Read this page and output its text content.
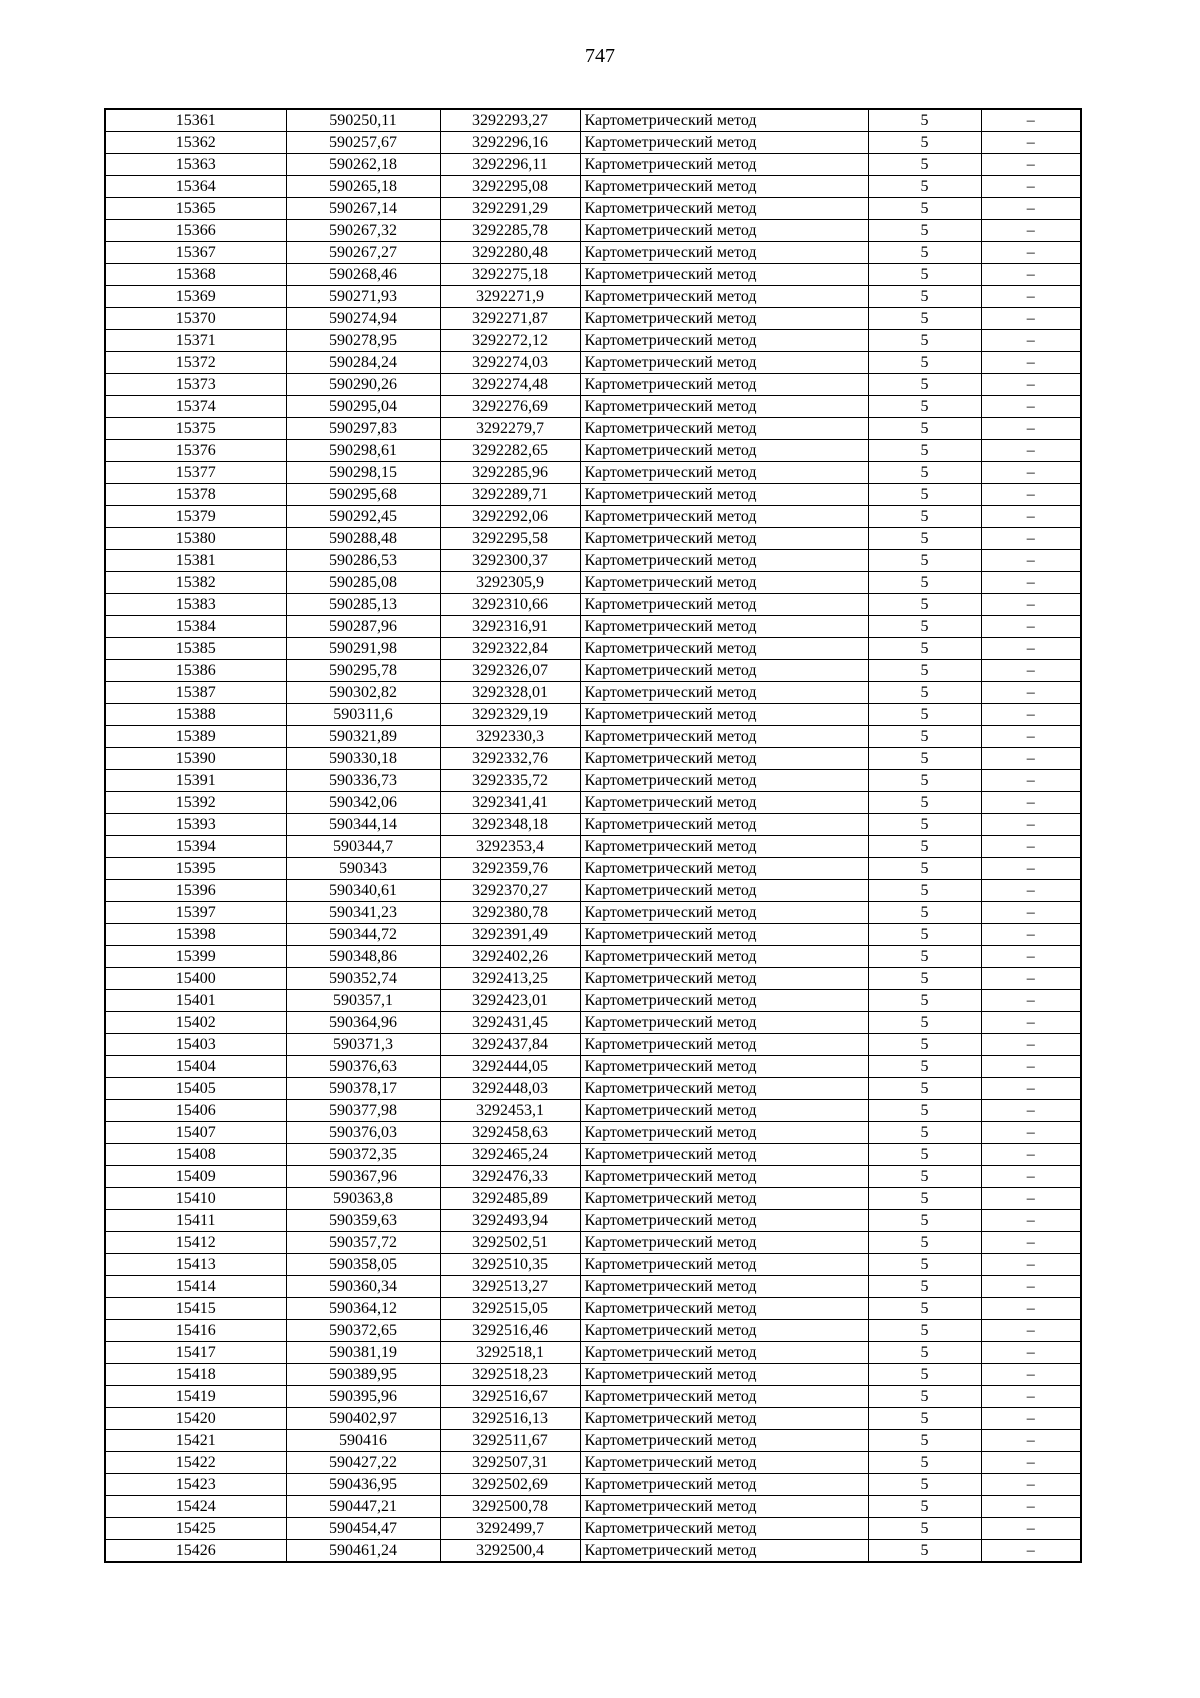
747
15361	590250,11	3292293,27	Картометрический метод	5	–
15362	590257,67	3292296,16	Картометрический метод	5	–
15363	590262,18	3292296,11	Картометрический метод	5	–
15364	590265,18	3292295,08	Картометрический метод	5	–
15365	590267,14	3292291,29	Картометрический метод	5	–
15366	590267,32	3292285,78	Картометрический метод	5	–
15367	590267,27	3292280,48	Картометрический метод	5	–
15368	590268,46	3292275,18	Картометрический метод	5	–
15369	590271,93	3292271,9	Картометрический метод	5	–
15370	590274,94	3292271,87	Картометрический метод	5	–
15371	590278,95	3292272,12	Картометрический метод	5	–
15372	590284,24	3292274,03	Картометрический метод	5	–
15373	590290,26	3292274,48	Картометрический метод	5	–
15374	590295,04	3292276,69	Картометрический метод	5	–
15375	590297,83	3292279,7	Картометрический метод	5	–
15376	590298,61	3292282,65	Картометрический метод	5	–
15377	590298,15	3292285,96	Картометрический метод	5	–
15378	590295,68	3292289,71	Картометрический метод	5	–
15379	590292,45	3292292,06	Картометрический метод	5	–
15380	590288,48	3292295,58	Картометрический метод	5	–
15381	590286,53	3292300,37	Картометрический метод	5	–
15382	590285,08	3292305,9	Картометрический метод	5	–
15383	590285,13	3292310,66	Картометрический метод	5	–
15384	590287,96	3292316,91	Картометрический метод	5	–
15385	590291,98	3292322,84	Картометрический метод	5	–
15386	590295,78	3292326,07	Картометрический метод	5	–
15387	590302,82	3292328,01	Картометрический метод	5	–
15388	590311,6	3292329,19	Картометрический метод	5	–
15389	590321,89	3292330,3	Картометрический метод	5	–
15390	590330,18	3292332,76	Картометрический метод	5	–
15391	590336,73	3292335,72	Картометрический метод	5	–
15392	590342,06	3292341,41	Картометрический метод	5	–
15393	590344,14	3292348,18	Картометрический метод	5	–
15394	590344,7	3292353,4	Картометрический метод	5	–
15395	590343	3292359,76	Картометрический метод	5	–
15396	590340,61	3292370,27	Картометрический метод	5	–
15397	590341,23	3292380,78	Картометрический метод	5	–
15398	590344,72	3292391,49	Картометрический метод	5	–
15399	590348,86	3292402,26	Картометрический метод	5	–
15400	590352,74	3292413,25	Картометрический метод	5	–
15401	590357,1	3292423,01	Картометрический метод	5	–
15402	590364,96	3292431,45	Картометрический метод	5	–
15403	590371,3	3292437,84	Картометрический метод	5	–
15404	590376,63	3292444,05	Картометрический метод	5	–
15405	590378,17	3292448,03	Картометрический метод	5	–
15406	590377,98	3292453,1	Картометрический метод	5	–
15407	590376,03	3292458,63	Картометрический метод	5	–
15408	590372,35	3292465,24	Картометрический метод	5	–
15409	590367,96	3292476,33	Картометрический метод	5	–
15410	590363,8	3292485,89	Картометрический метод	5	–
15411	590359,63	3292493,94	Картометрический метод	5	–
15412	590357,72	3292502,51	Картометрический метод	5	–
15413	590358,05	3292510,35	Картометрический метод	5	–
15414	590360,34	3292513,27	Картометрический метод	5	–
15415	590364,12	3292515,05	Картометрический метод	5	–
15416	590372,65	3292516,46	Картометрический метод	5	–
15417	590381,19	3292518,1	Картометрический метод	5	–
15418	590389,95	3292518,23	Картометрический метод	5	–
15419	590395,96	3292516,67	Картометрический метод	5	–
15420	590402,97	3292516,13	Картометрический метод	5	–
15421	590416	3292511,67	Картометрический метод	5	–
15422	590427,22	3292507,31	Картометрический метод	5	–
15423	590436,95	3292502,69	Картометрический метод	5	–
15424	590447,21	3292500,78	Картометрический метод	5	–
15425	590454,47	3292499,7	Картометрический метод	5	–
15426	590461,24	3292500,4	Картометрический метод	5	–
